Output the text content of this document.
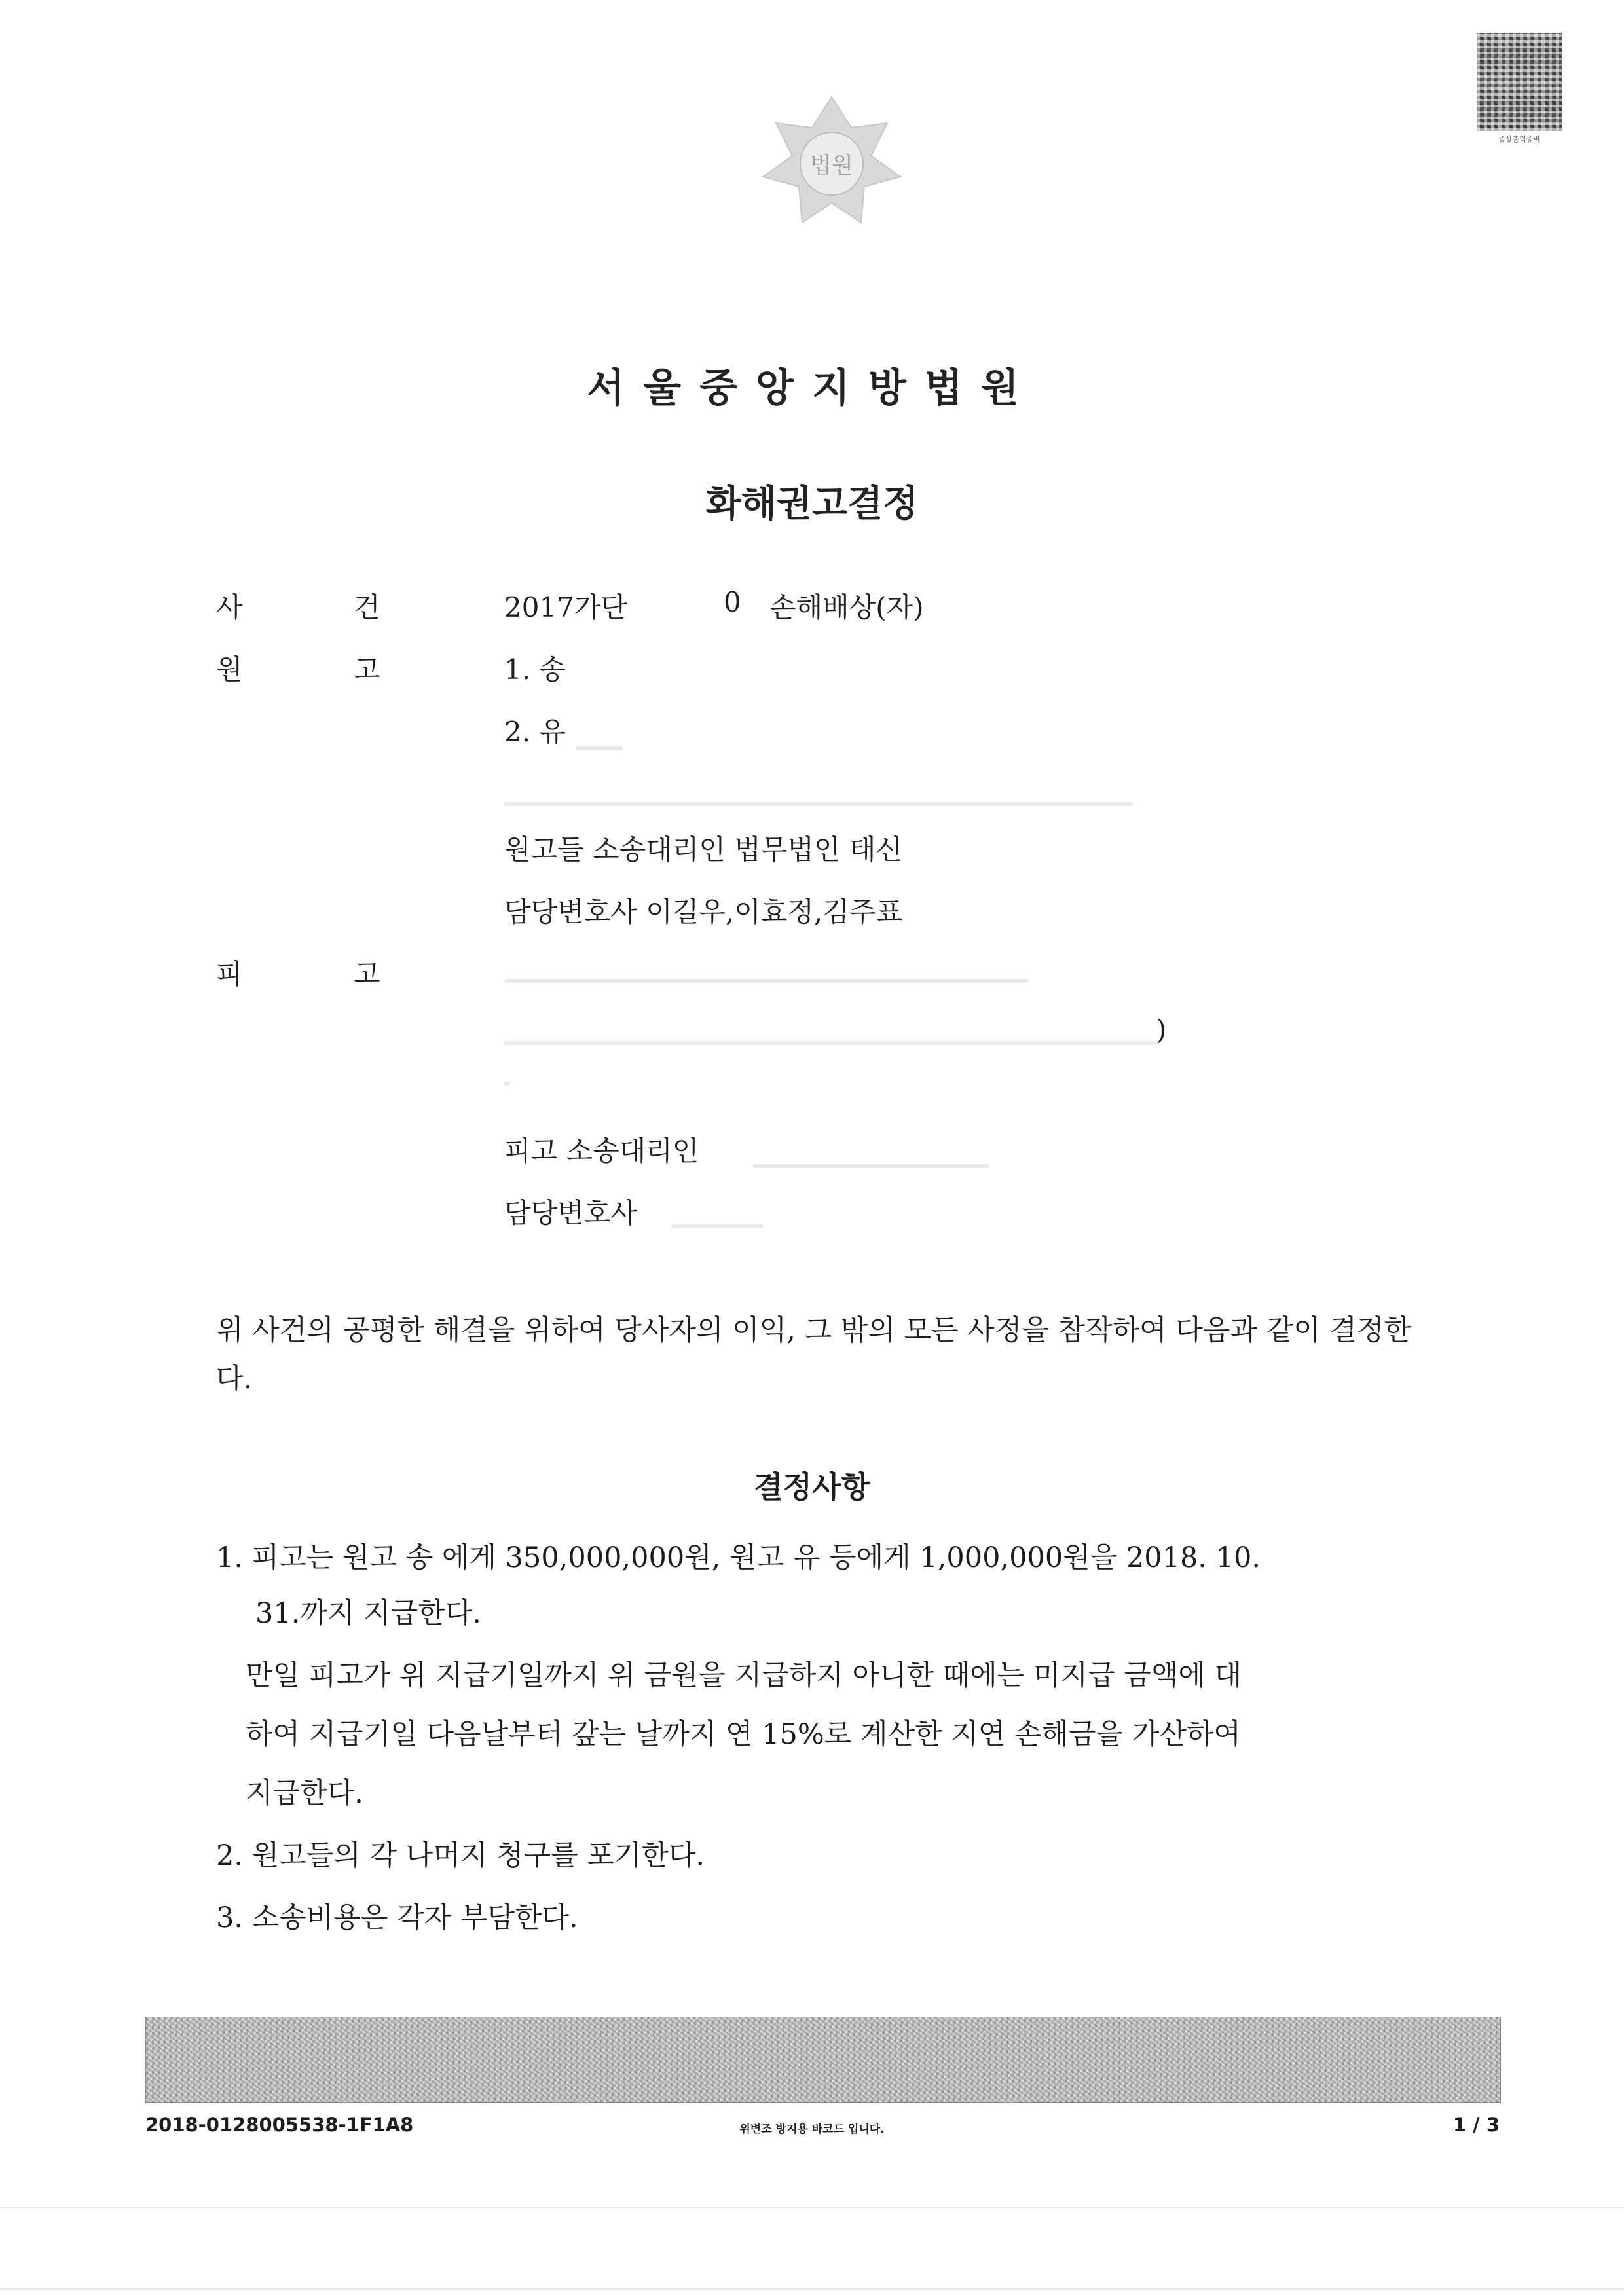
법원
증상출력증비
서울중앙지방법원
화해권고결정
사	건	2017가단	0 손해배상(자)
원	고	1. 송
2. 유
원고들 소송대리인 법무법인 태신
담당변호사 이길우,이효정,김주표
피	고
)
피고 소송대리인
담당변호사
위 사건의 공평한 해결을 위하여 당사자의 이익, 그 밖의 모든 사정을 참작하여 다음과 같이 결정한다.
결정사항
1. 피고는 원고 송 에게 350,000,000원, 원고 유 등에게 1,000,000원을 2018. 10.
31.까지 지급한다.
만일 피고가 위 지급기일까지 위 금원을 지급하지 아니한 때에는 미지급 금액에 대
하여 지급기일 다음날부터 갚는 날까지 연 15%로 계산한 지연 손해금을 가산하여
지급한다.
2. 원고들의 각 나머지 청구를 포기한다.
3. 소송비용은 각자 부담한다.
2018-0128005538-1F1A8	위변조 방지용 바코드 입니다.	1 / 3
